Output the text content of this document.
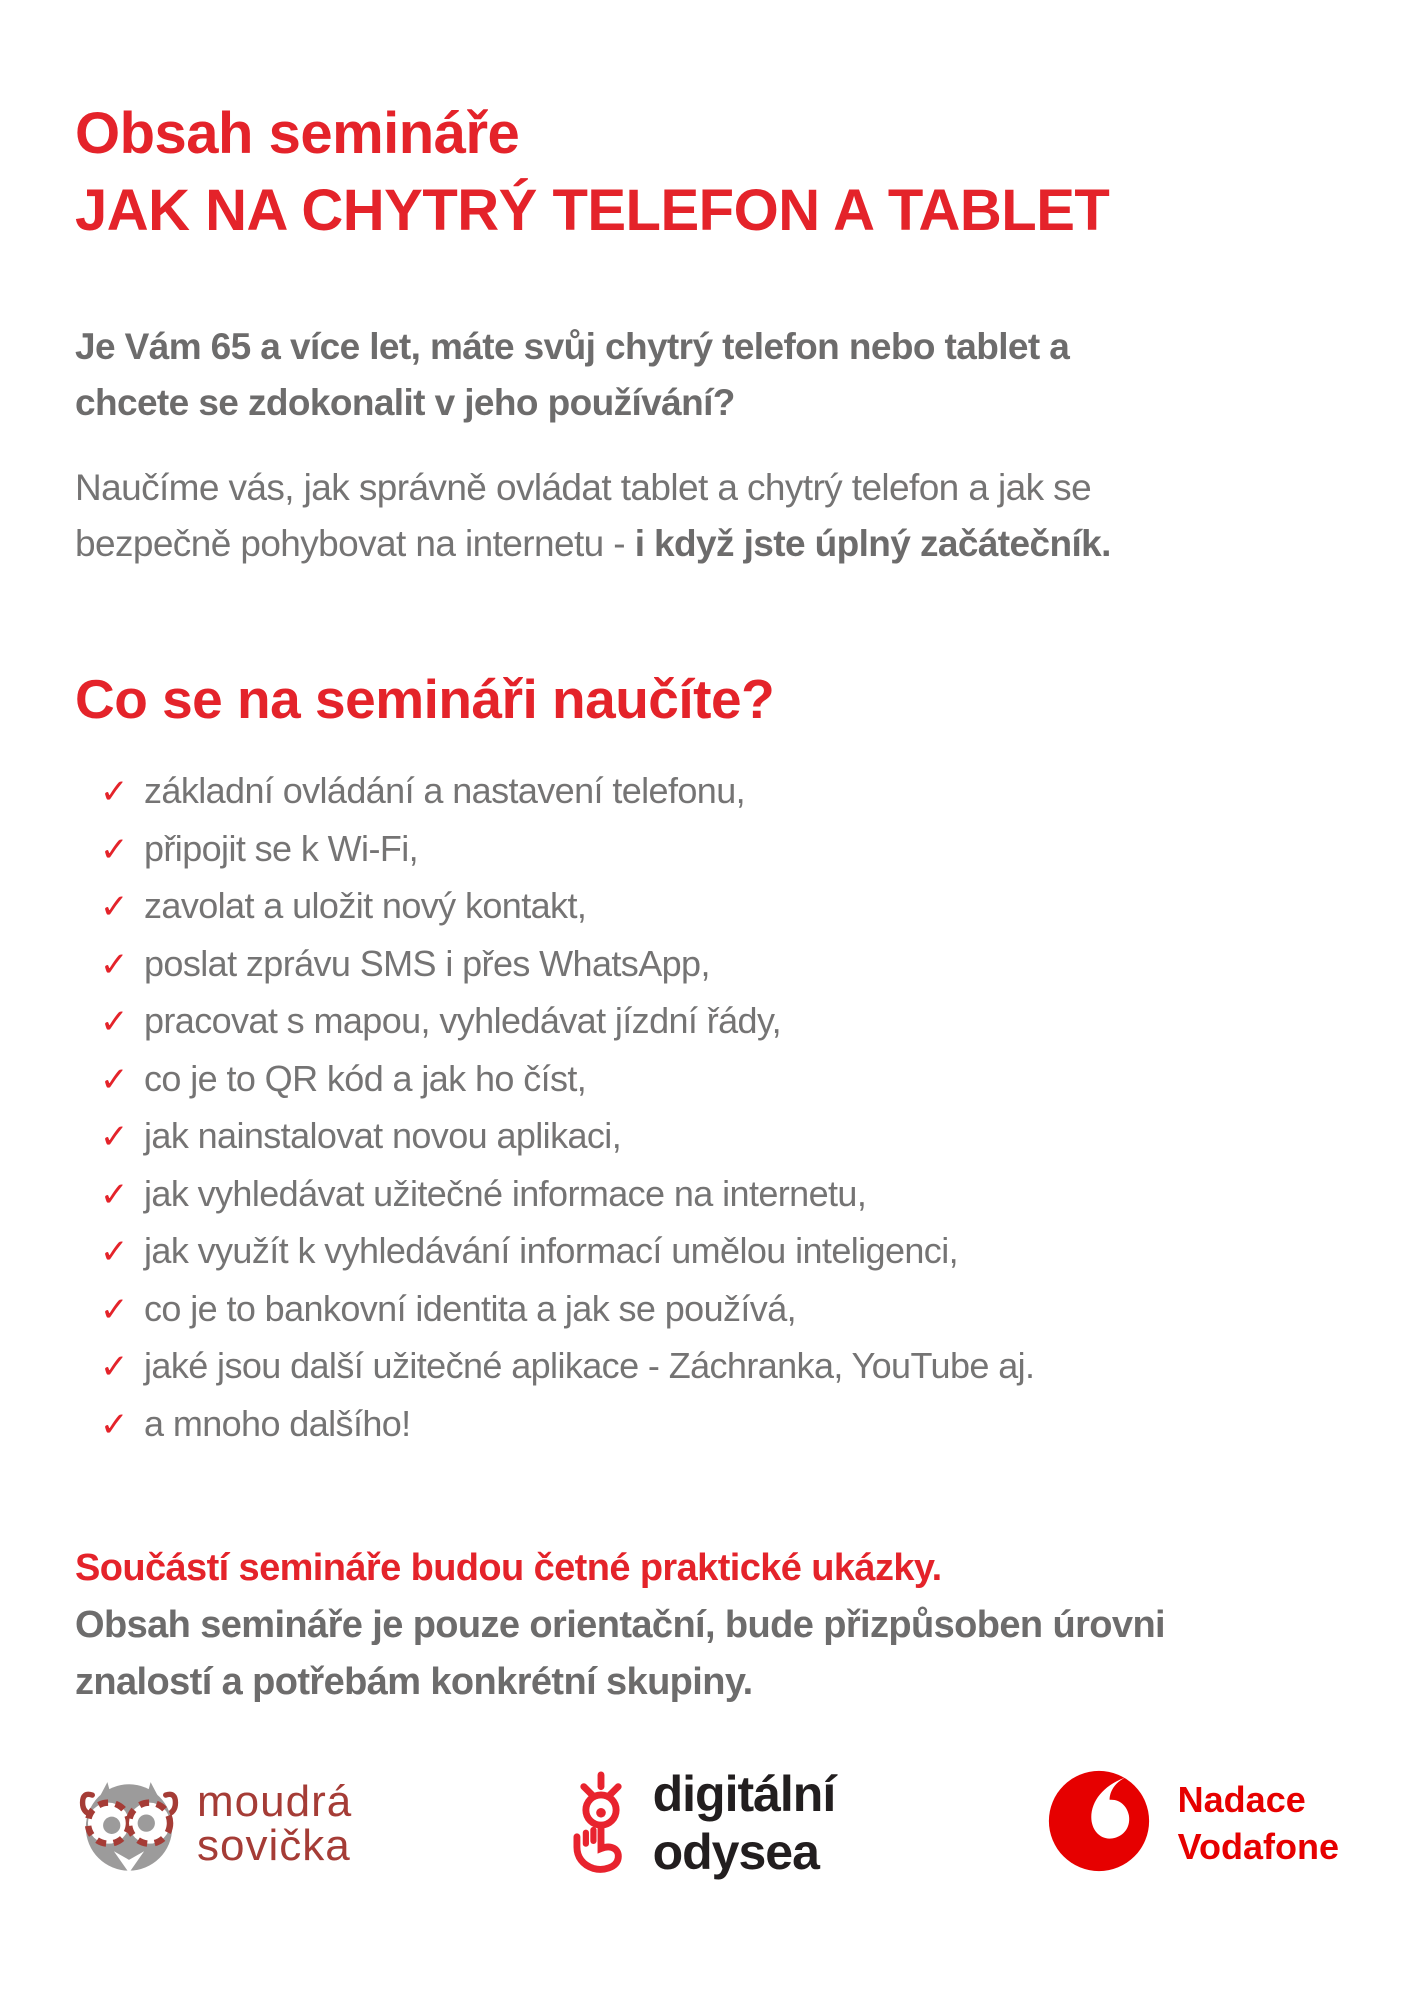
Obsah semináře
JAK NA CHYTRÝ TELEFON A TABLET
Je Vám 65 a více let, máte svůj chytrý telefon nebo tablet a
chcete se zdokonalit v jeho používání?
Naučíme vás, jak správně ovládat tablet a chytrý telefon a jak se
bezpečně pohybovat na internetu - i když jste úplný začátečník.
Co se na semináři naučíte?
✓ základní ovládání a nastavení telefonu,
✓ připojit se k Wi-Fi,
✓ zavolat a uložit nový kontakt,
✓ poslat zprávu SMS i přes WhatsApp,
✓ pracovat s mapou, vyhledávat jízdní řády,
✓ co je to QR kód a jak ho číst,
✓ jak nainstalovat novou aplikaci,
✓ jak vyhledávat užitečné informace na internetu,
✓ jak využít k vyhledávání informací umělou inteligenci,
✓ co je to bankovní identita a jak se používá,
✓ jaké jsou další užitečné aplikace - Záchranka, YouTube aj.
✓ a mnoho dalšího!
Součástí semináře budou četné praktické ukázky.
Obsah semináře je pouze orientační, bude přizpůsoben úrovni
znalostí a potřebám konkrétní skupiny.
moudrá
sovička
digitální
odysea
Nadace
Vodafone
